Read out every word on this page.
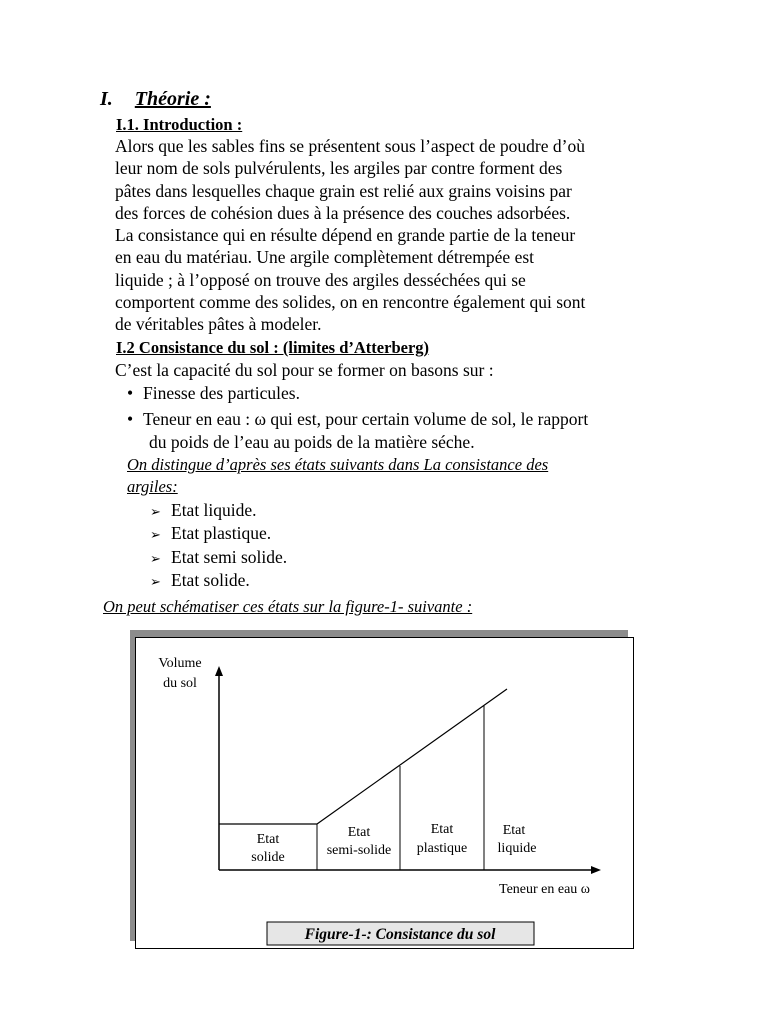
I. Théorie :
I.1. Introduction :
Alors que les sables fins se présentent sous l’aspect de poudre d’où
leur nom de sols pulvérulents, les argiles par contre forment des
pâtes dans lesquelles chaque grain est relié aux grains voisins par
des forces de cohésion dues à la présence des couches adsorbées.
La consistance qui en résulte dépend en grande partie de la teneur
en eau du matériau. Une argile complètement détrempée est
liquide ; à l’opposé on trouve des argiles desséchées qui se
comportent comme des solides, on en rencontre également qui sont
de véritables pâtes à modeler.
I.2 Consistance du sol : (limites d’Atterberg)
C’est la capacité du sol pour se former on basons sur :
• Finesse des particules.
• Teneur en eau : ω qui est, pour certain volume de sol, le rapport
du poids de l’eau au poids de la matière séche.
On distingue d’après ses états suivants dans La consistance des
argiles:
➢ Etat liquide.
➢ Etat plastique.
➢ Etat semi solide.
➢ Etat solide.
On peut schématiser ces états sur la figure-1- suivante :
Volume
du sol
Etat
solide
Etat
semi-solide
Etat
plastique
Etat
liquide
Teneur en eau ω
Figure-1-: Consistance du sol
